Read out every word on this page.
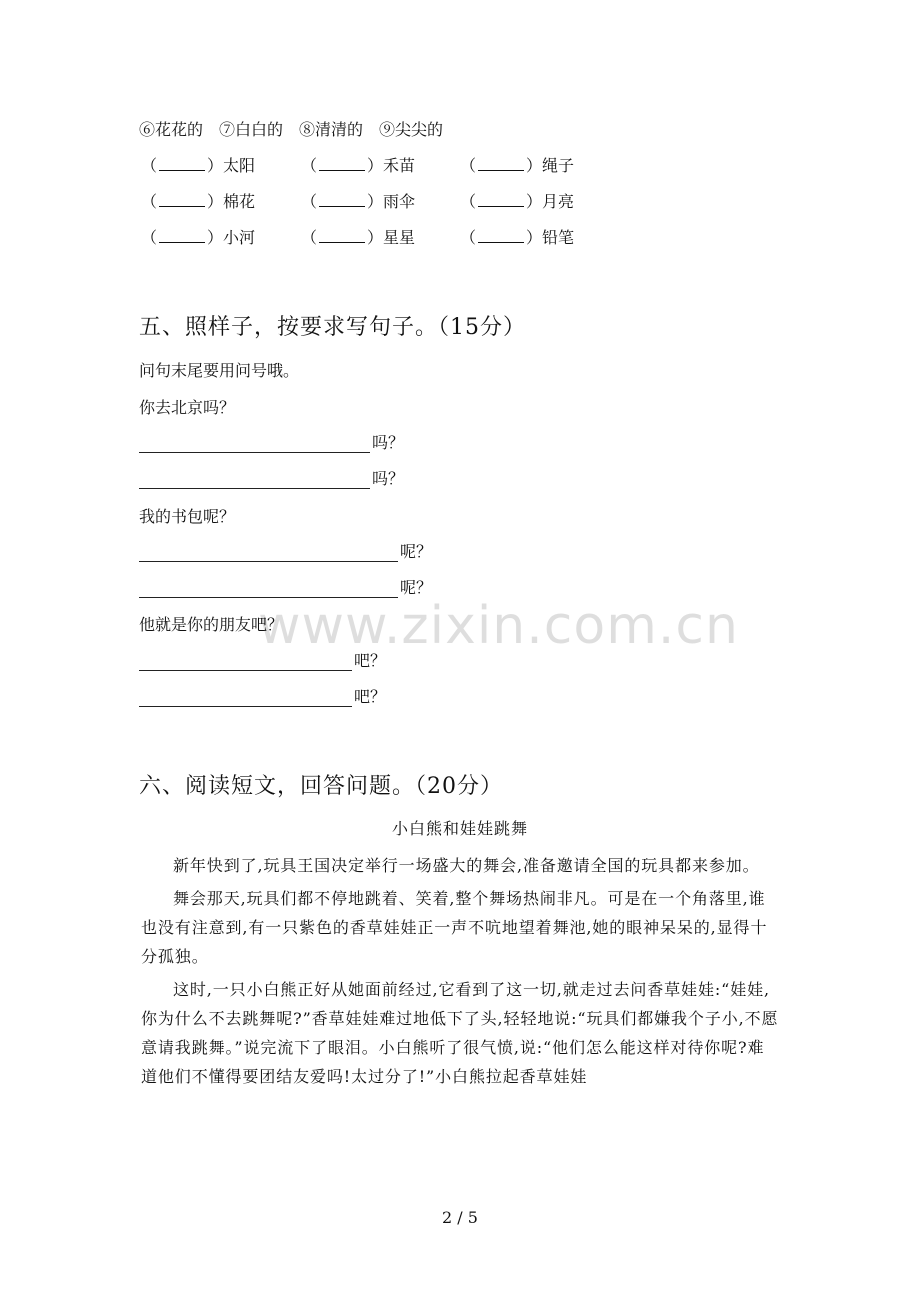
⑥花花的　⑦白白的　⑧清清的　⑨尖尖的
（	）太阳	（	）禾苗	（	）绳子
（	）棉花	（	）雨伞	（	）月亮
（	）小河	（	）星星	（	）铅笔
五、照样子，按要求写句子。（15分）
问句末尾要用问号哦。
你去北京吗？
吗？
吗？
我的书包呢？
呢？
呢？
他就是你的朋友吧？
吧？
吧？
www.zixin.com.cn
六、阅读短文，回答问题。（20分）
小白熊和娃娃跳舞

新年快到了,玩具王国决定举行一场盛大的舞会,准备邀请全国的玩具都来参加。

舞会那天,玩具们都不停地跳着、笑着,整个舞场热闹非凡。可是在一个角落里,谁也没有注意到,有一只紫色的香草娃娃正一声不吭地望着舞池,她的眼神呆呆的,显得十分孤独。

这时,一只小白熊正好从她面前经过,它看到了这一切,就走过去问香草娃娃:“娃娃,你为什么不去跳舞呢?”香草娃娃难过地低下了头,轻轻地说:“玩具们都嫌我个子小,不愿意请我跳舞。”说完流下了眼泪。小白熊听了很气愤,说:“他们怎么能这样对待你呢?难道他们不懂得要团结友爱吗!太过分了!”小白熊拉起香草娃娃

2 / 5
